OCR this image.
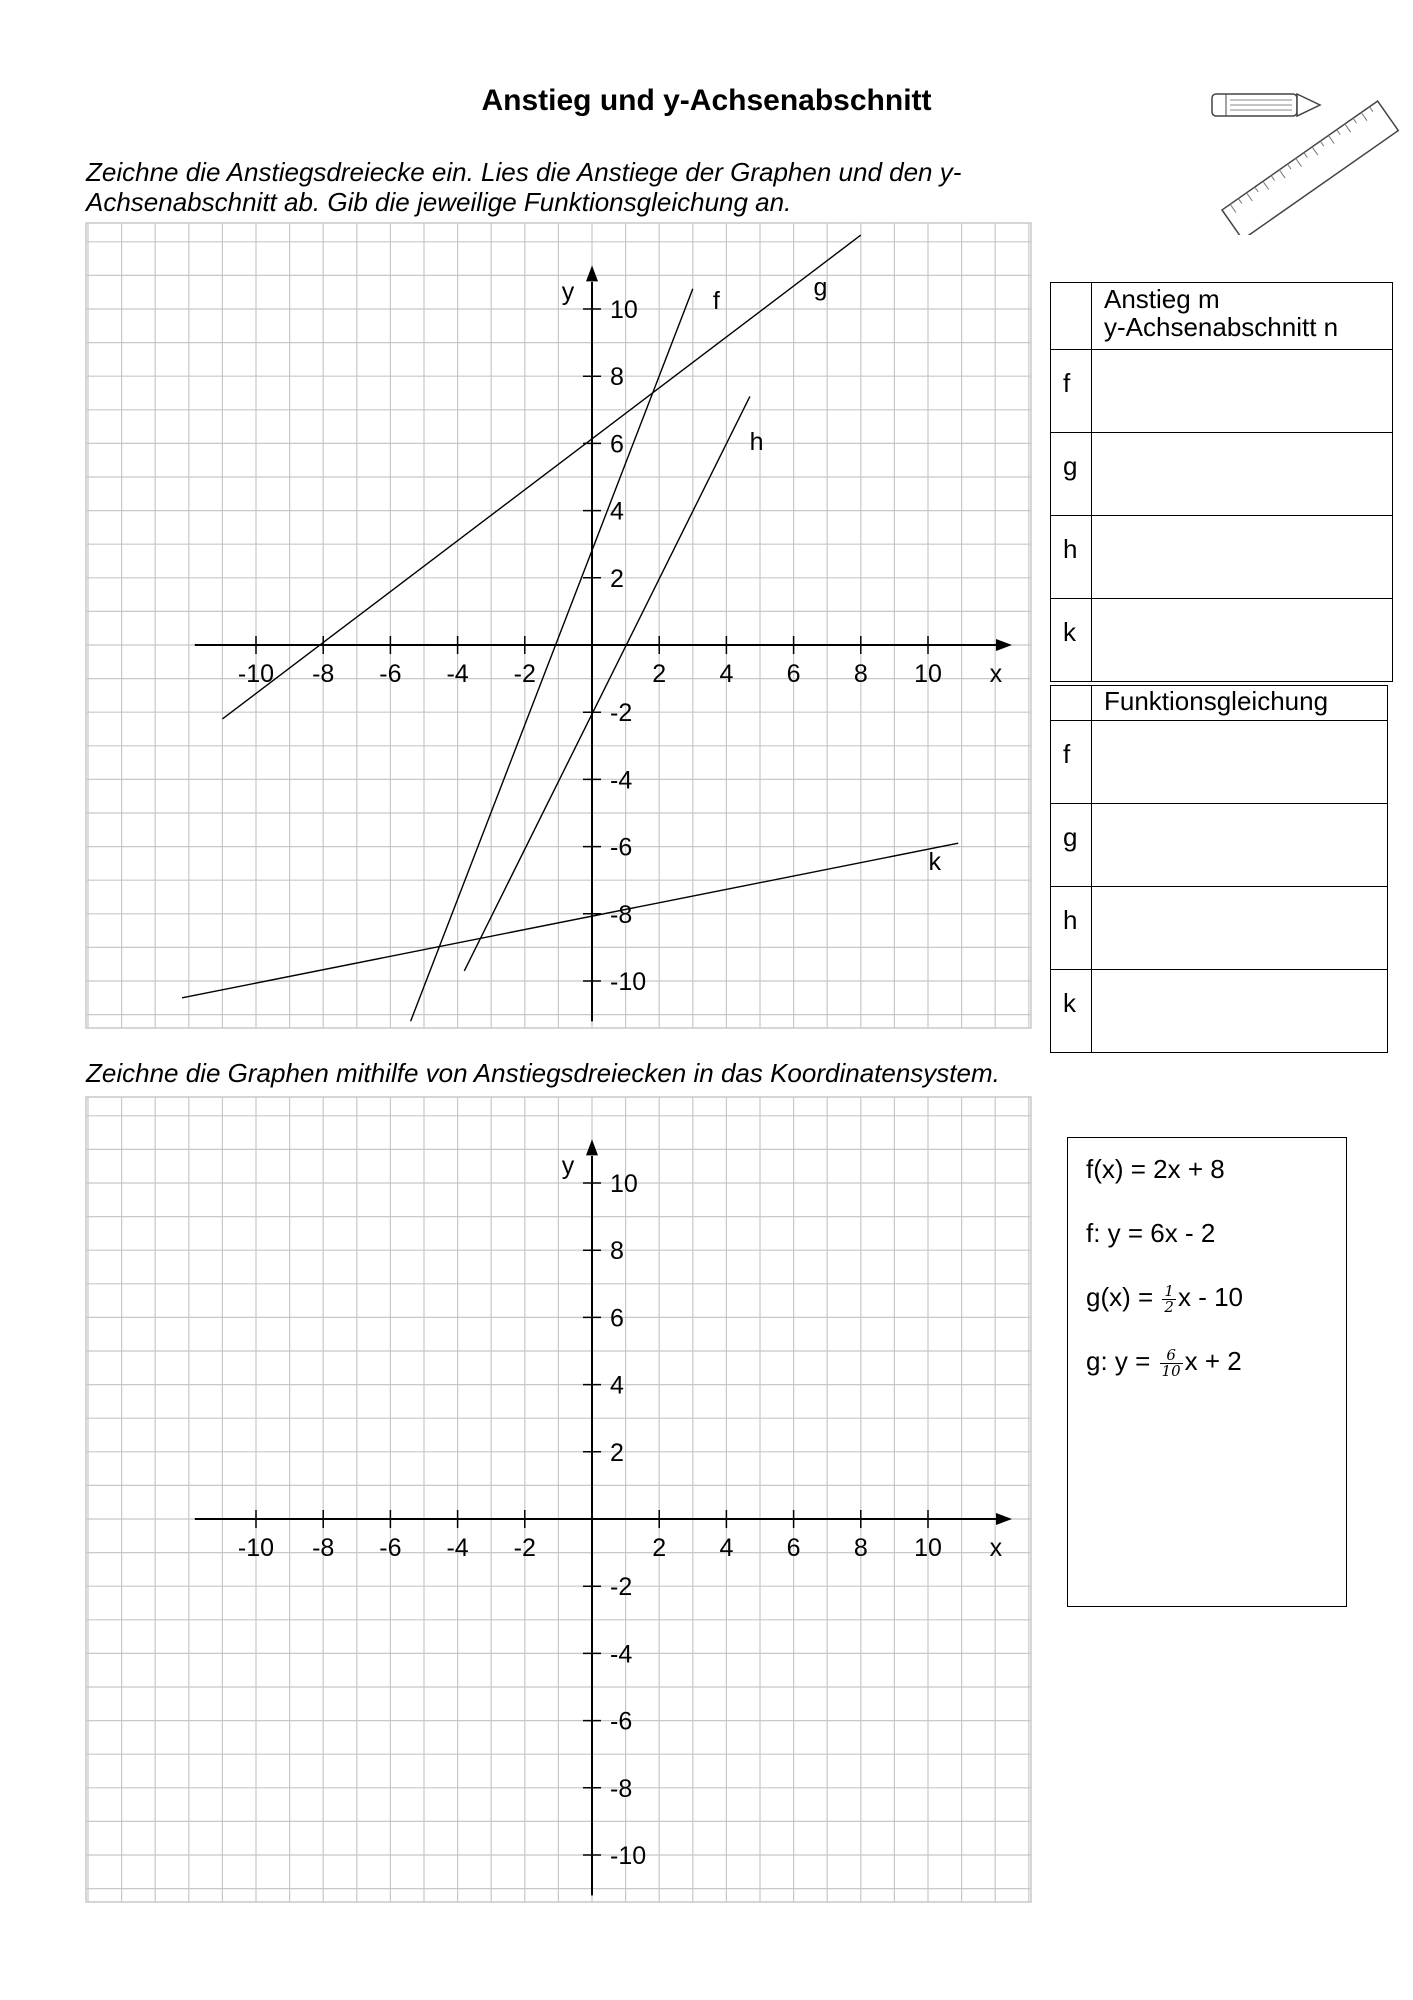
Anstieg und y-Achsenabschnitt
Zeichne die Anstiegsdreiecke ein. Lies die Anstiege der Graphen und den y-Achsenabschnitt ab. Gib die jeweilige Funktionsgleichung an.
-10 -8 -6 -4 -2	2 4 6 8 10
10
8
6
4
2
-2
-4
-6
-8
-10
x
y	f	g
h
k

	Anstieg m
y-Achsenabschnitt n

f	
g	
h	
k	
	Funktionsgleichung
f	
g	
h	
k	
Zeichne die Graphen mithilfe von Anstiegsdreiecken in das Koordinatensystem.
-10 -8 -6 -4 -2	2 4 6 8 10
10
8
6
4
2
-2
-4
-6
-8
-10
x
y	f(x) = 2x + 8
f: y = 6x - 2
$g(x) = \frac{1}{2}$ x - 10
g: $y = \frac{6}{10}$ x + 2
